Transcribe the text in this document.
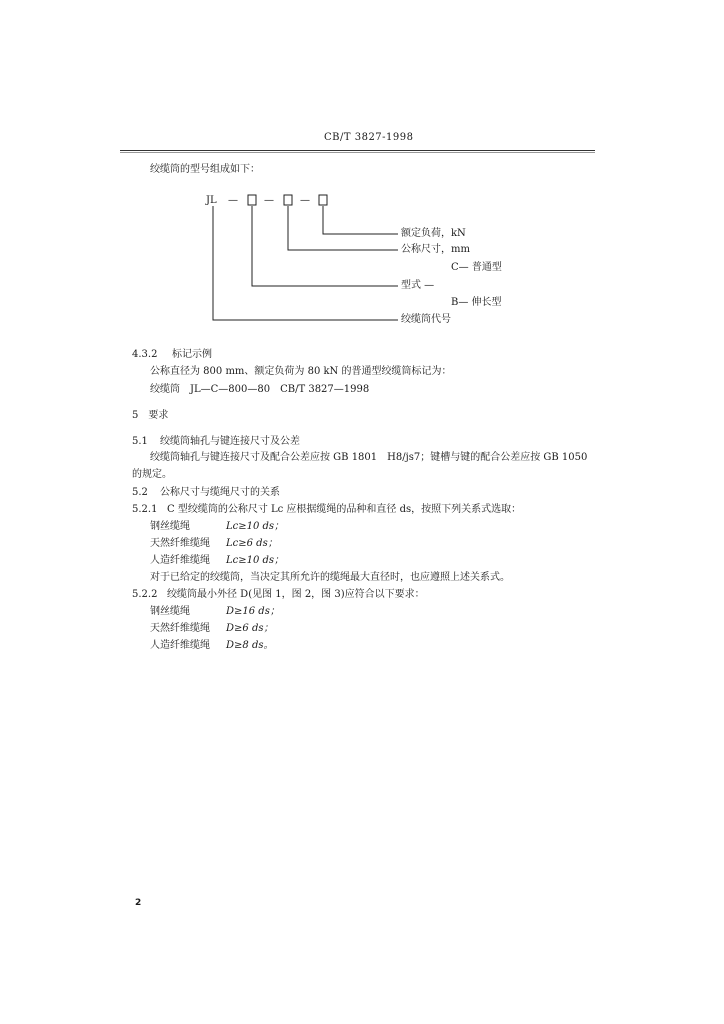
CB/T 3827-1998
绞缆筒的型号组成如下：
JL —	—	—
额定负荷，kN
公称尺寸，mm
C— 普通型
型式 —
B— 伸长型
绞缆筒代号
4.3.2 标记示例
公称直径为 800 mm、额定负荷为 80 kN 的普通型绞缆筒标记为：
绞缆筒　JL—C—800—80　CB/T 3827—1998
5　要求
5.1 绞缆筒轴孔与键连接尺寸及公差
绞缆筒轴孔与键连接尺寸及配合公差应按 GB 1801　H8/js7；键槽与键的配合公差应按 GB 1050
的规定。
5.2 公称尺寸与缆绳尺寸的关系
5.2.1 C 型绞缆筒的公称尺寸 Lc 应根据缆绳的品种和直径 ds，按照下列关系式选取：
钢丝缆绳	Lc≥10 ds；
天然纤维缆绳 Lc≥6 ds；
人造纤维缆绳 Lc≥10 ds；
对于已给定的绞缆筒，当决定其所允许的缆绳最大直径时，也应遵照上述关系式。
5.2.2 绞缆筒最小外径 D(见图 1，图 2，图 3)应符合以下要求：
钢丝缆绳	D≥16 ds；
天然纤维缆绳 D≥6 ds；
人造纤维缆绳 D≥8 ds。
2
